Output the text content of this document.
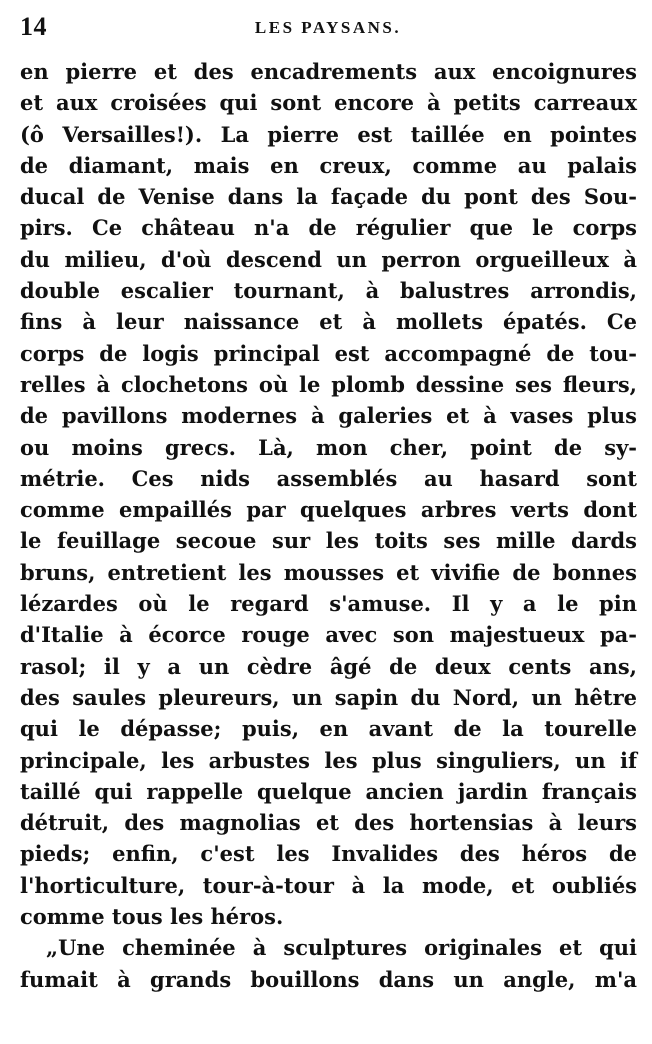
14	LES PAYSANS.
en pierre et des encadrements aux encoignures
et aux croisées qui sont encore à petits carreaux
(ô Versailles!). La pierre est taillée en pointes
de diamant, mais en creux, comme au palais
ducal de Venise dans la façade du pont des Sou-
pirs. Ce château n'a de régulier que le corps
du milieu, d'où descend un perron orgueilleux à
double escalier tournant, à balustres arrondis,
fins à leur naissance et à mollets épatés. Ce
corps de logis principal est accompagné de tou-
relles à clochetons où le plomb dessine ses fleurs,
de pavillons modernes à galeries et à vases plus
ou moins grecs. Là, mon cher, point de sy-
métrie. Ces nids assemblés au hasard sont
comme empaillés par quelques arbres verts dont
le feuillage secoue sur les toits ses mille dards
bruns, entretient les mousses et vivifie de bonnes
lézardes où le regard s'amuse. Il y a le pin
d'Italie à écorce rouge avec son majestueux pa-
rasol; il y a un cèdre âgé de deux cents ans,
des saules pleureurs, un sapin du Nord, un hêtre
qui le dépasse; puis, en avant de la tourelle
principale, les arbustes les plus singuliers, un if
taillé qui rappelle quelque ancien jardin français
détruit, des magnolias et des hortensias à leurs
pieds; enfin, c'est les Invalides des héros de
l'horticulture, tour-à-tour à la mode, et oubliés
comme tous les héros.
„Une cheminée à sculptures originales et qui
fumait à grands bouillons dans un angle, m'a
